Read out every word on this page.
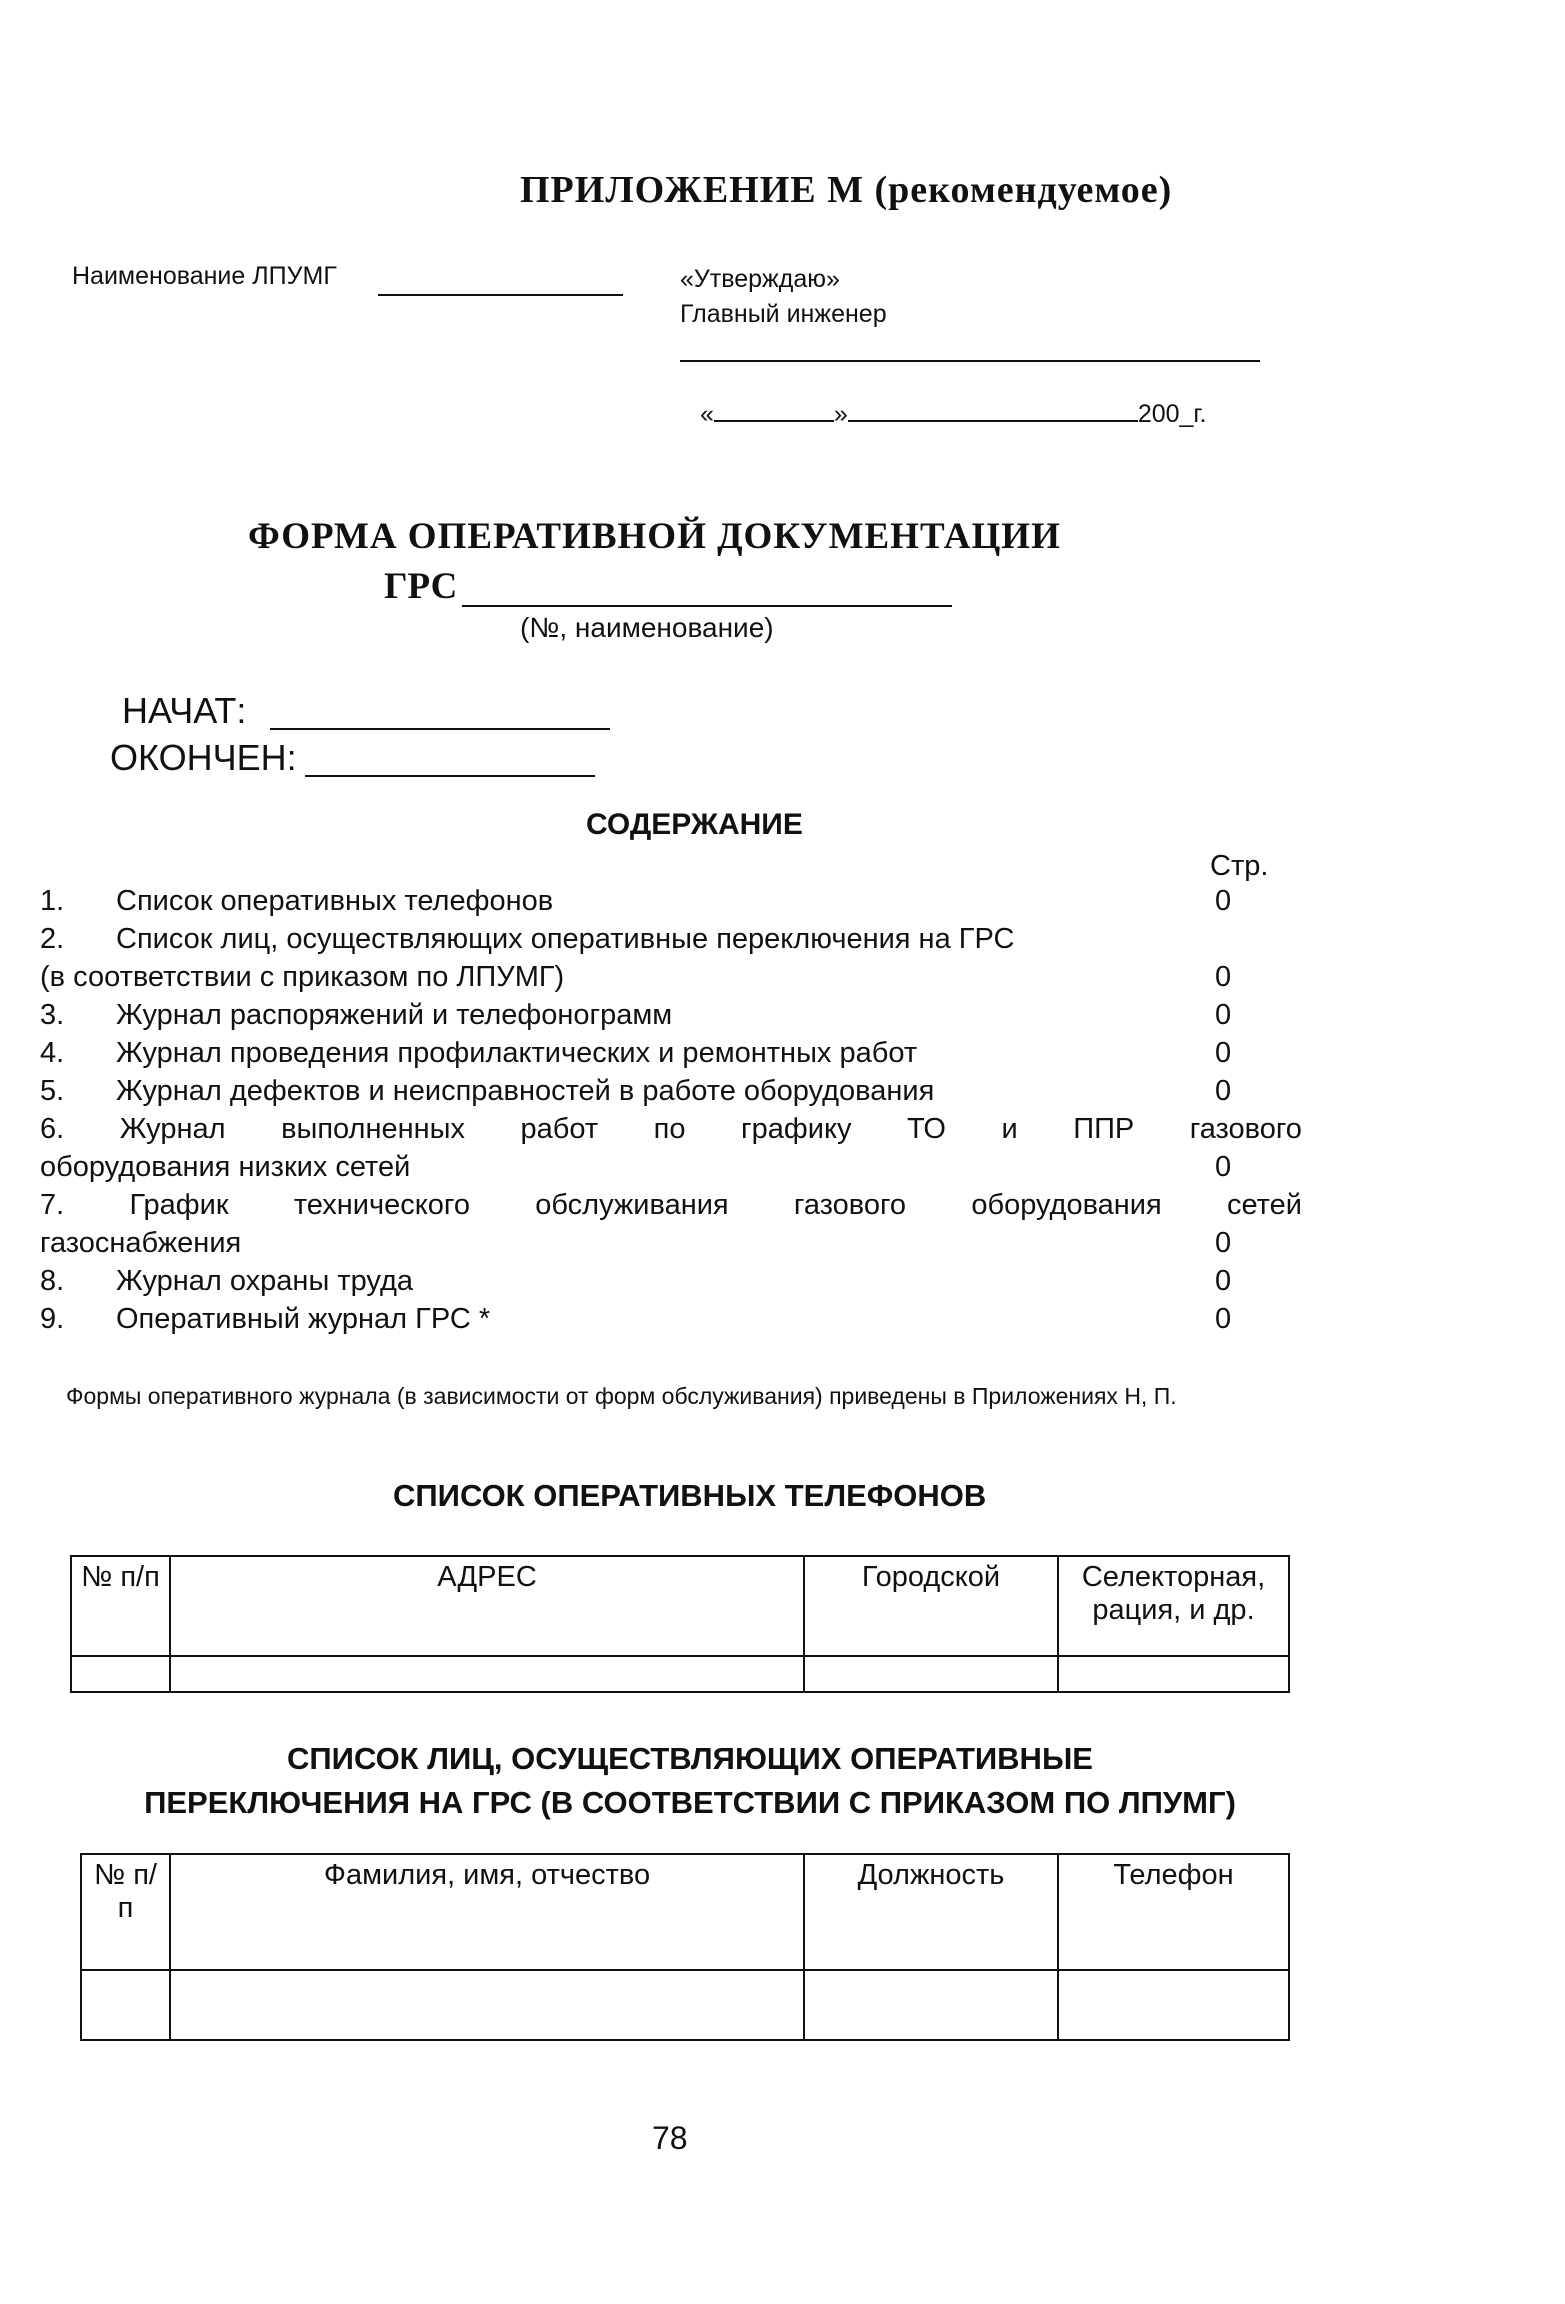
ПРИЛОЖЕНИЕ М (рекомендуемое)
Наименование ЛПУМГ	«Утверждаю»
Главный инженер
«	»	200_г.
ФОРМА ОПЕРАТИВНОЙ ДОКУМЕНТАЦИИ
ГРС
(№, наименование)
НАЧАТ:
ОКОНЧЕН:
СОДЕРЖАНИЕ
Стр.
1. Список оперативных телефонов	0
2. Список лиц, осуществляющих оперативные переключения на ГРС
(в соответствии с приказом по ЛПУМГ)	0
3. Журнал распоряжений и телефонограмм	0
4. Журнал проведения профилактических и ремонтных работ	0
5. Журнал дефектов и неисправностей в работе оборудования	0
6. Журнал выполненных работ по графику ТО и ППР газового
оборудования низких сетей	0
7. График технического обслуживания газового оборудования сетей
газоснабжения	0
8. Журнал охраны труда	0
9. Оперативный журнал ГРС *	0
Формы оперативного журнала (в зависимости от форм обслуживания) приведены в Приложениях Н, П.
СПИСОК ОПЕРАТИВНЫХ ТЕЛЕФОНОВ
№ п/п	АДРЕС	Городской	Селекторная, рация, и др.

СПИСОК ЛИЦ, ОСУЩЕСТВЛЯЮЩИХ ОПЕРАТИВНЫЕ
ПЕРЕКЛЮЧЕНИЯ НА ГРС (В СООТВЕТСТВИИ С ПРИКАЗОМ ПО ЛПУМГ)
№ п/п	Фамилия, имя, отчество	Должность	Телефон

78
